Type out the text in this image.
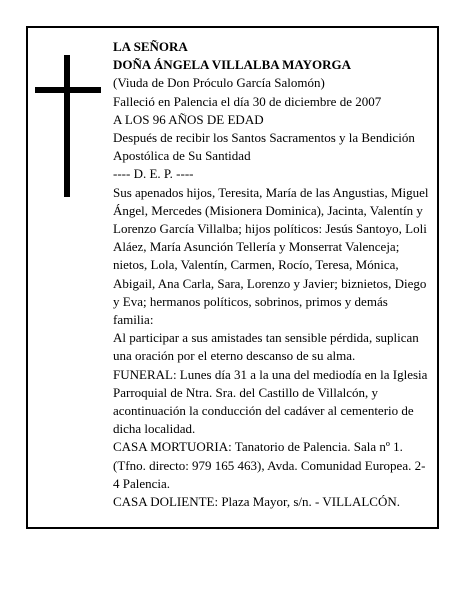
LA SEÑORA

DOÑA ÁNGELA VILLALBA MAYORGA

(Viuda de Don Próculo García Salomón)

Falleció en Palencia el día 30 de diciembre de 2007

A LOS 96 AÑOS DE EDAD

Después de recibir los Santos Sacramentos y la Bendición Apostólica de Su Santidad

---- D. E. P. ----

Sus apenados hijos, Teresita, María de las Angustias, Miguel Ángel, Mercedes (Misionera Dominica), Jacinta, Valentín y Lorenzo García Villalba; hijos políticos: Jesús Santoyo, Loli Aláez, María Asunción Tellería y Monserrat Valenceja; nietos, Lola, Valentín, Carmen, Rocío, Teresa, Mónica, Abigail, Ana Carla, Sara, Lorenzo y Javier; biznietos, Diego y Eva; hermanos políticos, sobrinos, primos y demás familia:

Al participar a sus amistades tan sensible pérdida, suplican una oración por el eterno descanso de su alma.

FUNERAL: Lunes día 31 a la una del mediodía en la Iglesia Parroquial de Ntra. Sra. del Castillo de Villalcón, y acontinuación la conducción del cadáver al cementerio de dicha localidad.

CASA MORTUORIA: Tanatorio de Palencia. Sala nº 1. (Tfno. directo: 979 165 463), Avda. Comunidad Europea. 2-4 Palencia.

CASA DOLIENTE: Plaza Mayor, s/n. - VILLALCÓN.
